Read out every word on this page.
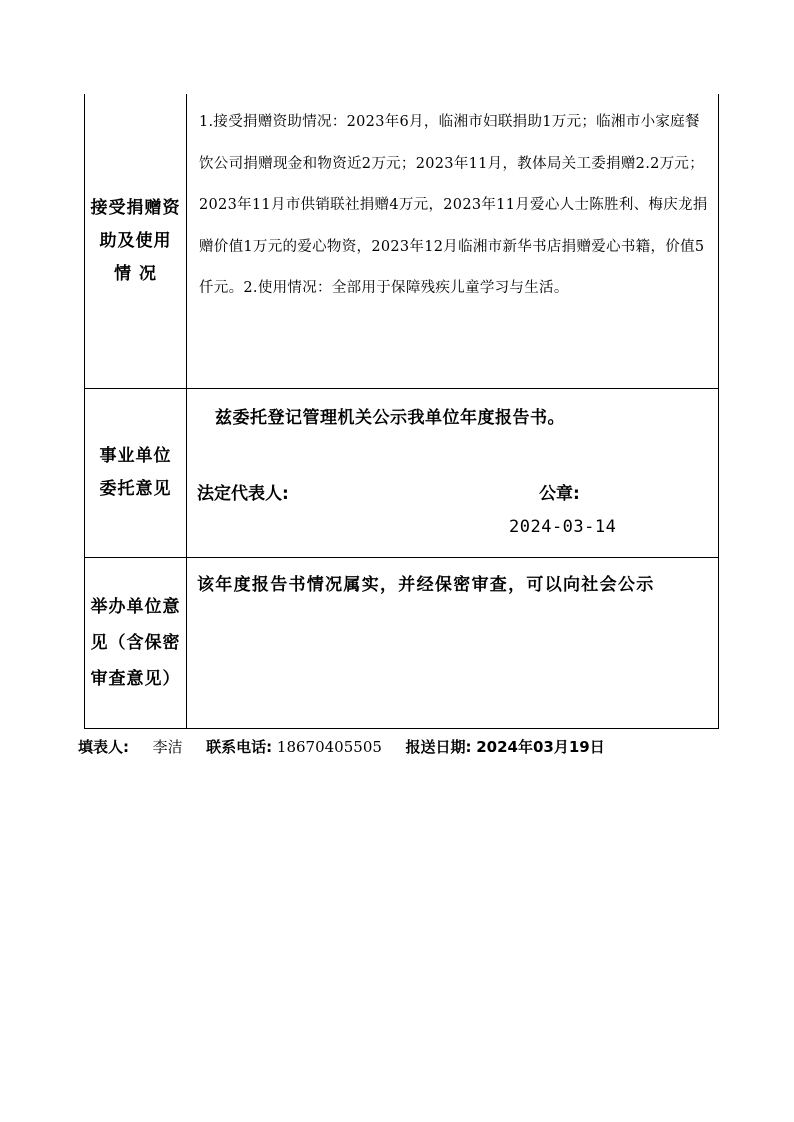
接受捐赠资助及使用 情 况
1.接受捐赠资助情况：2023年6月，临湘市妇联捐助1万元；临湘市小家庭餐饮公司捐赠现金和物资近2万元；2023年11月，教体局关工委捐赠2.2万元；2023年11月市供销联社捐赠4万元，2023年11月爱心人士陈胜利、梅庆龙捐赠价值1万元的爱心物资，2023年12月临湘市新华书店捐赠爱心书籍，价值5仟元。2.使用情况：全部用于保障残疾儿童学习与生活。
事业单位委托意见
兹委托登记管理机关公示我单位年度报告书。
法定代表人:	公章:
2024-03-14
举办单位意见（含保密审查意见）
该年度报告书情况属实，并经保密审查，可以向社会公示
填表人: 李洁 联系电话: 18670405505 报送日期: 2024年03月19日
